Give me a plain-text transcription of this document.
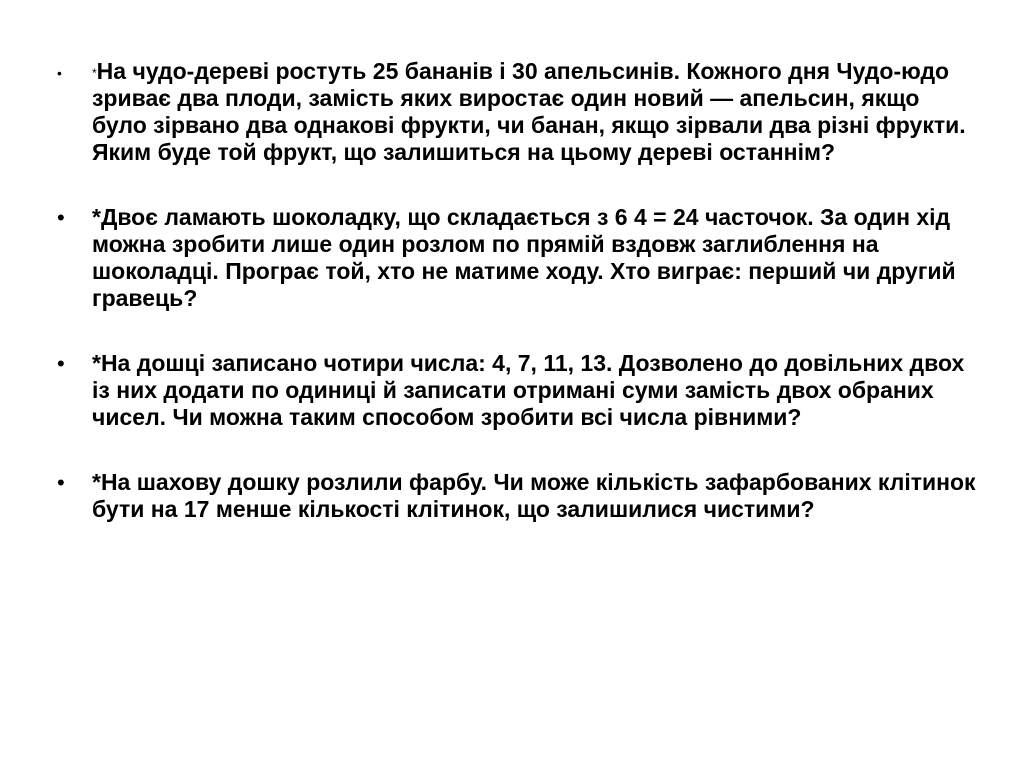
•	*На чудо-дереві ростуть 25 бананів і 30 апельсинів. Кожного дня Чудо-юдо зриває два плоди, замість яких виростає один новий — апельсин, якщо було зірвано два однакові фрукти, чи банан, якщо зірвали два різні фрукти. Яким буде той фрукт, що залишиться на цьому дереві останнім?
• *Двоє ламають шоколадку, що складається з 6 4 = 24 часточок. За один хід можна зробити лише один розлом по прямій вздовж заглиблення на шоколадці. Програє той, хто не матиме ходу. Хто виграє: перший чи другий гравець?
• *На дошці записано чотири числа: 4, 7, 11, 13. Дозволено до довільних двох із них додати по одиниці й записати отримані суми замість двох обраних чисел. Чи можна таким способом зробити всі числа рівними?
• *На шахову дошку розлили фарбу. Чи може кількість зафарбованих клітинок бути на 17 менше кількості клітинок, що залишилися чистими?
